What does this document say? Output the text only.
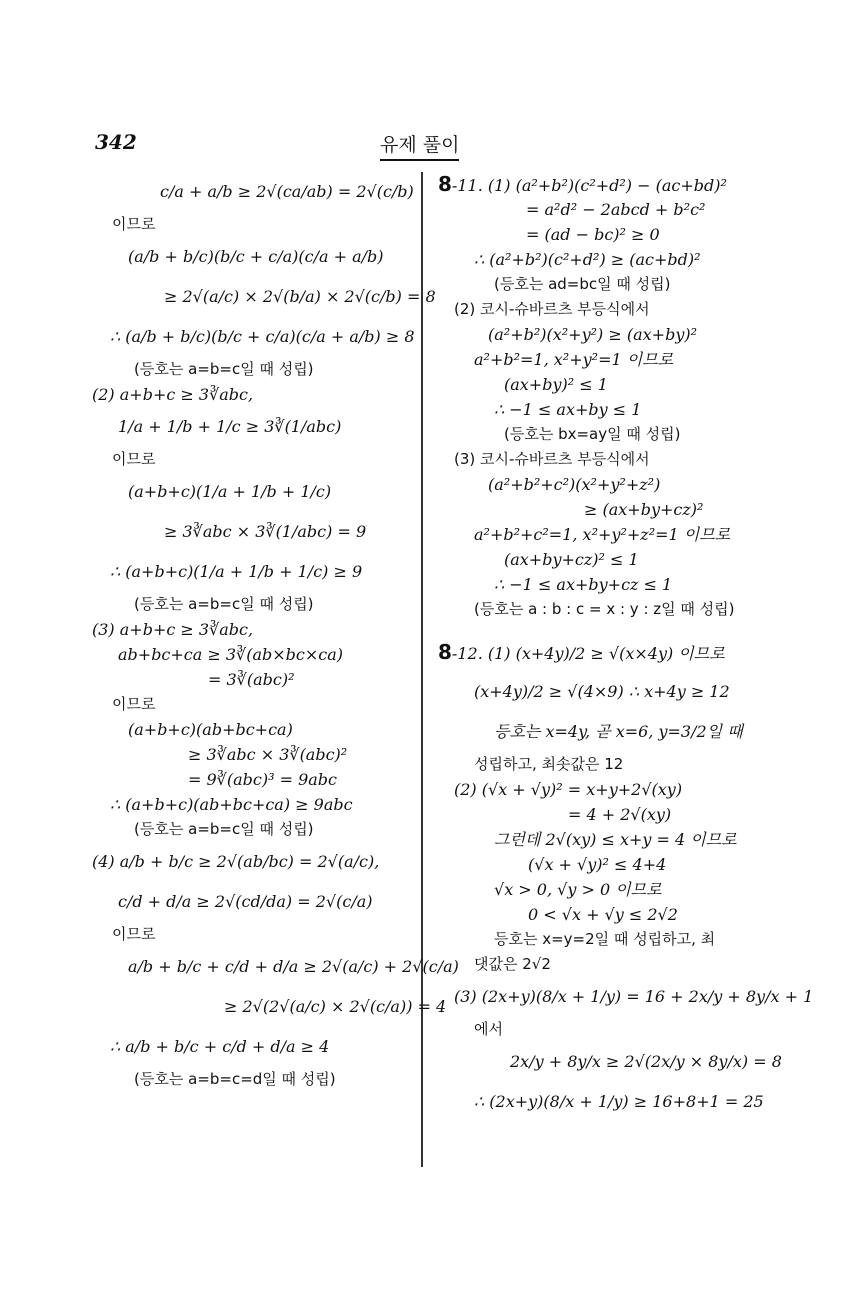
342	유제 풀이
c/a + a/b ≥ 2√(ca/ab) = 2√(c/b)
이므로
(a/b + b/c)(b/c + c/a)(c/a + a/b)
≥ 2√(a/c) × 2√(b/a) × 2√(c/b) = 8
∴ (a/b + b/c)(b/c + c/a)(c/a + a/b) ≥ 8
(등호는 a=b=c일 때 성립)
(2) a+b+c ≥ 3∛abc,
1/a + 1/b + 1/c ≥ 3∛(1/abc)
이므로
(a+b+c)(1/a + 1/b + 1/c)
≥ 3∛abc × 3∛(1/abc) = 9
∴ (a+b+c)(1/a + 1/b + 1/c) ≥ 9
(등호는 a=b=c일 때 성립)
(3) a+b+c ≥ 3∛abc,
ab+bc+ca ≥ 3∛(ab×bc×ca)
= 3∛(abc)²
이므로
(a+b+c)(ab+bc+ca)
≥ 3∛abc × 3∛(abc)²
= 9∛(abc)³ = 9abc
∴ (a+b+c)(ab+bc+ca) ≥ 9abc
(등호는 a=b=c일 때 성립)
(4) a/b + b/c ≥ 2√(ab/bc) = 2√(a/c),
c/d + d/a ≥ 2√(cd/da) = 2√(c/a)
이므로
a/b + b/c + c/d + d/a ≥ 2√(a/c) + 2√(c/a)
≥ 2√(2√(a/c) × 2√(c/a)) = 4
∴ a/b + b/c + c/d + d/a ≥ 4
(등호는 a=b=c=d일 때 성립)
8-11. (1) (a²+b²)(c²+d²) − (ac+bd)²
= a²d² − 2abcd + b²c²
= (ad − bc)² ≥ 0
∴ (a²+b²)(c²+d²) ≥ (ac+bd)²
(등호는 ad=bc일 때 성립)
(2) 코시-슈바르츠 부등식에서
(a²+b²)(x²+y²) ≥ (ax+by)²
a²+b²=1, x²+y²=1 이므로
(ax+by)² ≤ 1
∴ −1 ≤ ax+by ≤ 1
(등호는 bx=ay일 때 성립)
(3) 코시-슈바르츠 부등식에서
(a²+b²+c²)(x²+y²+z²)
≥ (ax+by+cz)²
a²+b²+c²=1, x²+y²+z²=1 이므로
(ax+by+cz)² ≤ 1
∴ −1 ≤ ax+by+cz ≤ 1
(등호는 a : b : c = x : y : z일 때 성립)
8-12. (1) (x+4y)/2 ≥ √(x×4y) 이므로
(x+4y)/2 ≥ √(4×9) ∴ x+4y ≥ 12
등호는 x=4y, 곧 x=6, y=3/2일 때
성립하고, 최솟값은 12
(2) (√x + √y)² = x+y+2√(xy)
= 4 + 2√(xy)
그런데 2√(xy) ≤ x+y = 4 이므로
(√x + √y)² ≤ 4+4
√x > 0, √y > 0 이므로
0 < √x + √y ≤ 2√2
등호는 x=y=2일 때 성립하고, 최
댓값은 2√2
(3) (2x+y)(8/x + 1/y) = 16 + 2x/y + 8y/x + 1
에서
2x/y + 8y/x ≥ 2√(2x/y × 8y/x) = 8
∴ (2x+y)(8/x + 1/y) ≥ 16+8+1 = 25
